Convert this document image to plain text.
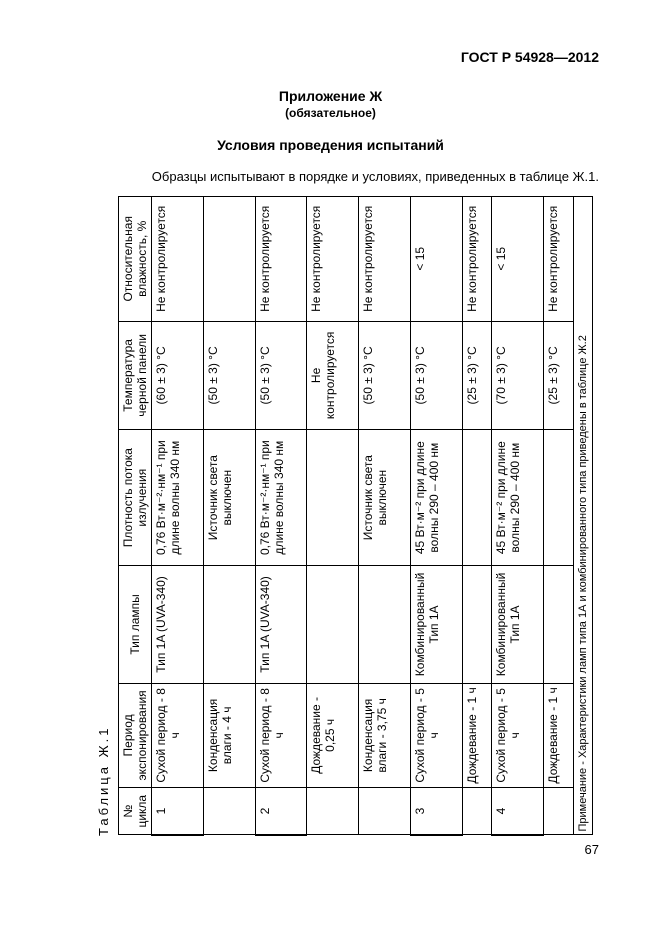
ГОСТ Р 54928—2012
Приложение Ж
(обязательное)
Условия проведения испытаний
Образцы испытывают в порядке и условиях, приведенных в таблице Ж.1.
Таблица Ж.1 № цикла	Период экспонирования	Тип лампы	Плотность потока излучения	Температура черной панели	Относительная влажность, %
1	Сухой период - 8 ч	Тип 1A (UVA-340)	0,76 Вт·м⁻²·нм⁻¹ при длине волны 340 нм	(60 ± 3) °С	Не контролируется
	Конденсация влаги - 4 ч		Источник света выключен	(50 ± 3) °С	
2	Сухой период - 8 ч	Тип 1A (UVA-340)	0,76 Вт·м⁻²·нм⁻¹ при длине волны 340 нм	(50 ± 3) °С	Не контролируется
	Дождевание - 0,25 ч			Не контролируется	Не контролируется
	Конденсация влаги - 3,75 ч		Источник света выключен	(50 ± 3) °С	Не контролируется
3	Сухой период - 5 ч	Комбинированный Тип 1A	45 Вт·м⁻² при длине волны 290 – 400 нм	(50 ± 3) °С	< 15
	Дождевание - 1 ч			(25 ± 3) °С	Не контролируется
4	Сухой период - 5 ч	Комбинированный Тип 1A	45 Вт·м⁻² при длине волны 290 – 400 нм	(70 ± 3) °С	< 15
	Дождевание - 1 ч			(25 ± 3) °С	Не контролируется
Примечание - Характеристики ламп типа 1А и комбинированного типа приведены в таблице Ж.2					
67
